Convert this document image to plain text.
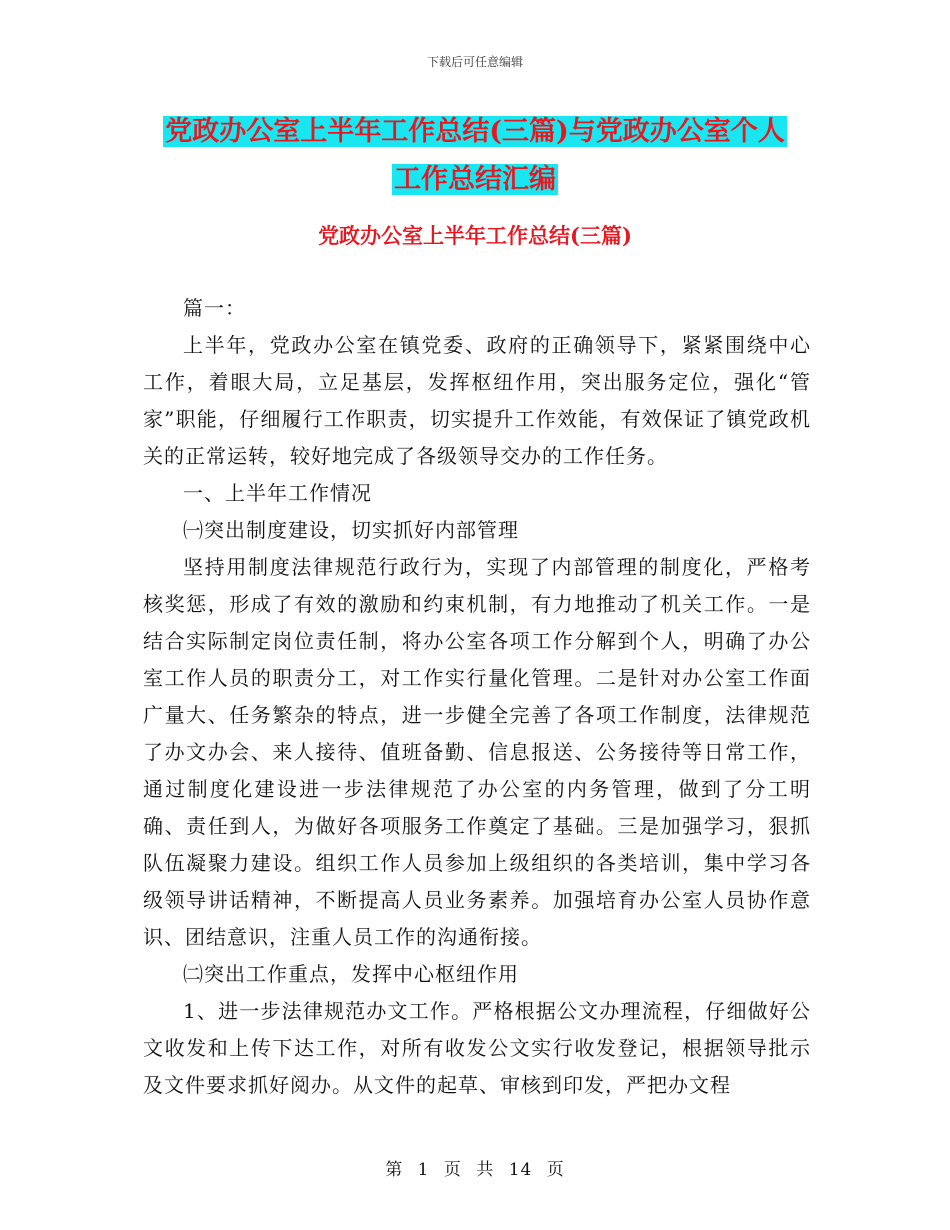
下载后可任意编辑
党政办公室上半年工作总结(三篇)与党政办公室个人
工作总结汇编
党政办公室上半年工作总结(三篇)

篇一：

上半年，党政办公室在镇党委、政府的正确领导下，紧紧围绕中心工作，着眼大局，立足基层，发挥枢纽作用，突出服务定位，强化“管家”职能，仔细履行工作职责，切实提升工作效能，有效保证了镇党政机关的正常运转，较好地完成了各级领导交办的工作任务。

一、上半年工作情况

㈠突出制度建设，切实抓好内部管理

坚持用制度法律规范行政行为，实现了内部管理的制度化，严格考核奖惩，形成了有效的激励和约束机制，有力地推动了机关工作。一是结合实际制定岗位责任制，将办公室各项工作分解到个人，明确了办公室工作人员的职责分工，对工作实行量化管理。二是针对办公室工作面广量大、任务繁杂的特点，进一步健全完善了各项工作制度，法律规范了办文办会、来人接待、值班备勤、信息报送、公务接待等日常工作，通过制度化建设进一步法律规范了办公室的内务管理，做到了分工明确、责任到人，为做好各项服务工作奠定了基础。三是加强学习，狠抓队伍凝聚力建设。组织工作人员参加上级组织的各类培训，集中学习各级领导讲话精神，不断提高人员业务素养。加强培育办公室人员协作意识、团结意识，注重人员工作的沟通衔接。

㈡突出工作重点，发挥中心枢纽作用

1、进一步法律规范办文工作。严格根据公文办理流程，仔细做好公文收发和上传下达工作，对所有收发公文实行收发登记，根据领导批示及文件要求抓好阅办。从文件的起草、审核到印发，严把办文程

第 1 页 共 14 页
